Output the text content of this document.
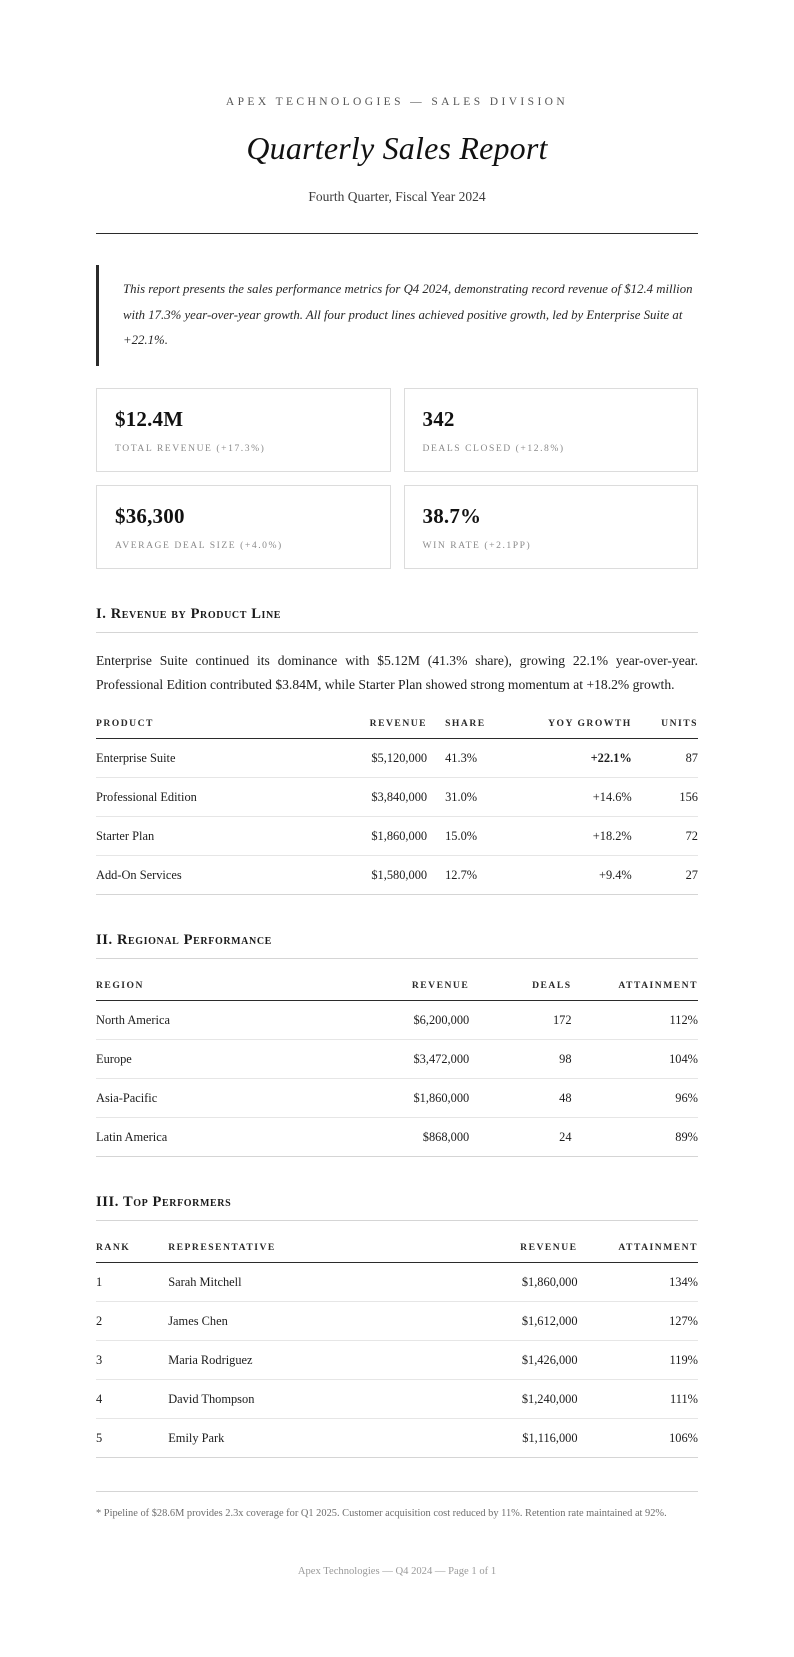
APEX TECHNOLOGIES — SALES DIVISION
Quarterly Sales Report
Fourth Quarter, Fiscal Year 2024

This report presents the sales performance metrics for Q4 2024, demonstrating record revenue of $12.4 million with 17.3% year-over-year growth. All four product lines achieved positive growth, led by Enterprise Suite at +22.1%.

$12.4M
TOTAL REVENUE (+17.3%)
342
DEALS CLOSED (+12.8%)
$36,300
AVERAGE DEAL SIZE (+4.0%)
38.7%
WIN RATE (+2.1PP)
I. Revenue by Product Line

Enterprise Suite continued its dominance with $5.12M (41.3% share), growing 22.1% year-over-year. Professional Edition contributed $3.84M, while Starter Plan showed strong momentum at +18.2% growth.

PRODUCT	REVENUE	SHARE	YOY GROWTH	UNITS
Enterprise Suite	$5,120,000	41.3%	+22.1%	87
Professional Edition	$3,840,000	31.0%	+14.6%	156
Starter Plan	$1,860,000	15.0%	+18.2%	72
Add-On Services	$1,580,000	12.7%	+9.4%	27
II. Regional Performance
REGION	REVENUE	DEALS	ATTAINMENT
North America	$6,200,000	172	112%
Europe	$3,472,000	98	104%
Asia-Pacific	$1,860,000	48	96%
Latin America	$868,000	24	89%
III. Top Performers
RANK	REPRESENTATIVE	REVENUE	ATTAINMENT
1	Sarah Mitchell	$1,860,000	134%
2	James Chen	$1,612,000	127%
3	Maria Rodriguez	$1,426,000	119%
4	David Thompson	$1,240,000	111%
5	Emily Park	$1,116,000	106%

* Pipeline of $28.6M provides 2.3x coverage for Q1 2025. Customer acquisition cost reduced by 11%. Retention rate maintained at 92%.

Apex Technologies — Q4 2024 — Page 1 of 1
